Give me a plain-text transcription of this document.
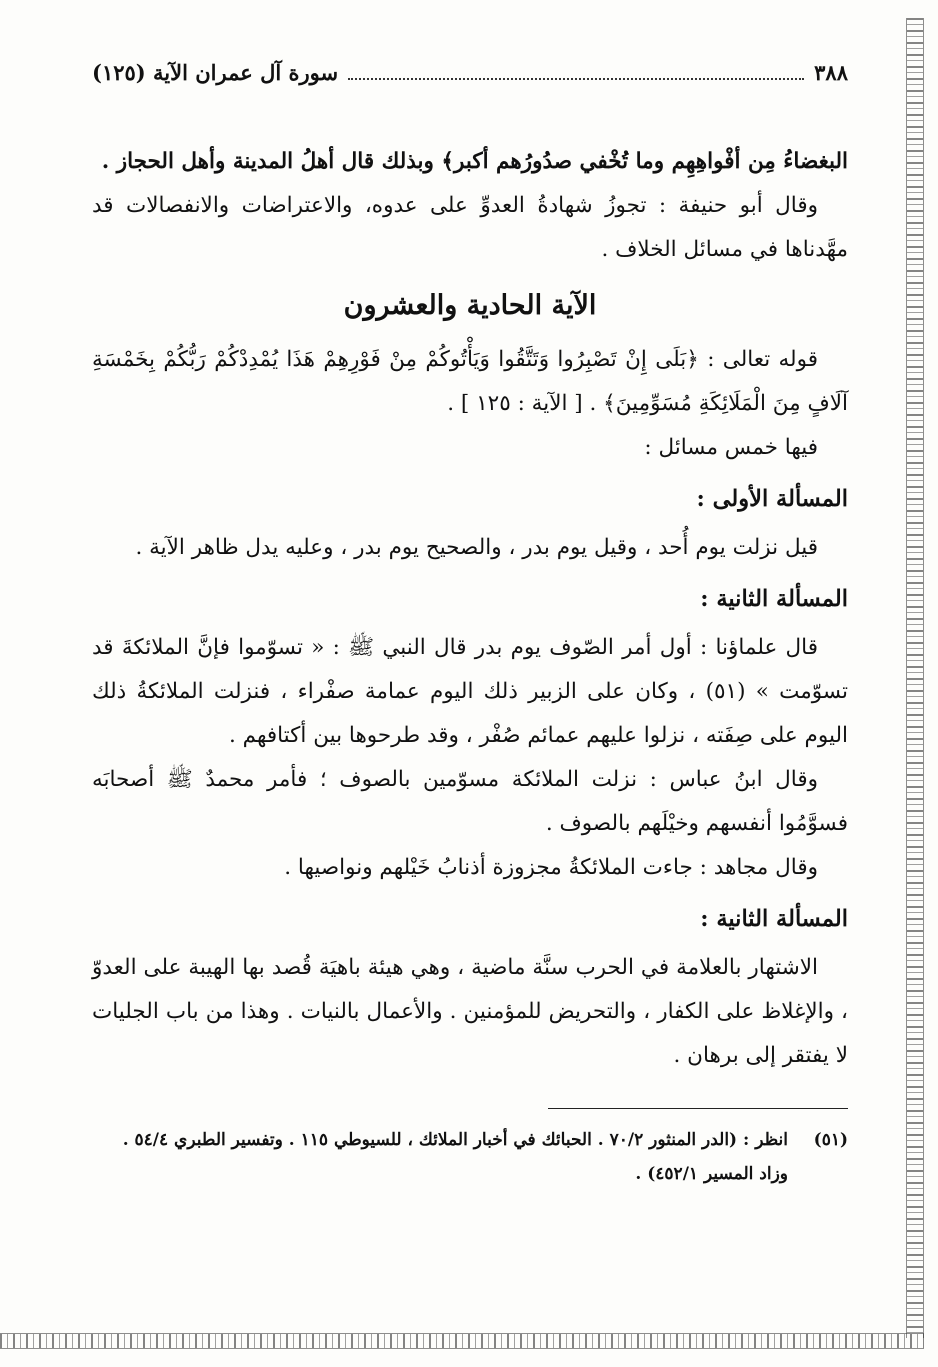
٣٨٨
سورة آل عمران الآية (١٢٥)

البغضاءُ مِن أفْواهِهِم وما تُخْفي صدُورُهم أكبر﴾ وبذلك قال أهلُ المدينة وأهل الحجاز .

وقال أبو حنيفة : تجوزُ شهادةُ العدوِّ على عدوه، والاعتراضات والانفصالات قد مهَّدناها في مسائل الخلاف .

الآية الحادية والعشرون

قوله تعالى : ﴿بَلَى إِنْ تَصْبِرُوا وَتَتَّقُوا وَيَأْتُوكُمْ مِنْ فَوْرِهِمْ هَذَا يُمْدِدْكُمْ رَبُّكُمْ بِخَمْسَةِ آلَافٍ مِنَ الْمَلَائِكَةِ مُسَوِّمِينَ﴾ . [ الآية : ١٢٥ ] .

فيها خمس مسائل :

المسألة الأولى :

قيل نزلت يوم أُحد ، وقيل يوم بدر ، والصحيح يوم بدر ، وعليه يدل ظاهر الآية .

المسألة الثانية :

قال علماؤنا : أول أمر الصّوف يوم بدر قال النبي ﷺ : « تسوّموا فإنَّ الملائكةَ قد تسوّمت » (٥١) ، وكان على الزبير ذلك اليوم عمامة صفْراء ، فنزلت الملائكةُ ذلك اليوم على صِفَته ، نزلوا عليهم عمائم صُفْر ، وقد طرحوها بين أكتافهم .

وقال ابنُ عباس : نزلت الملائكة مسوّمين بالصوف ؛ فأمر محمدٌ ﷺ أصحابَه فسوَّمُوا أنفسهم وخيْلَهم بالصوف .

وقال مجاهد : جاءت الملائكةُ مجزوزة أذنابُ خَيْلهم ونواصيها .

المسألة الثانية :

الاشتهار بالعلامة في الحرب سنَّة ماضية ، وهي هيئة باهيَة قُصد بها الهيبة على العدوّ ، والإغلاظ على الكفار ، والتحريض للمؤمنين . والأعمال بالنيات . وهذا من باب الجليات لا يفتقر إلى برهان .

(٥١)انظر : (الدر المنثور ٧٠/٢ . الحبائك في أخبار الملائك ، للسيوطي ١١٥ . وتفسير الطبري ٥٤/٤ .
وزاد المسير ٤٥٢/١) .
